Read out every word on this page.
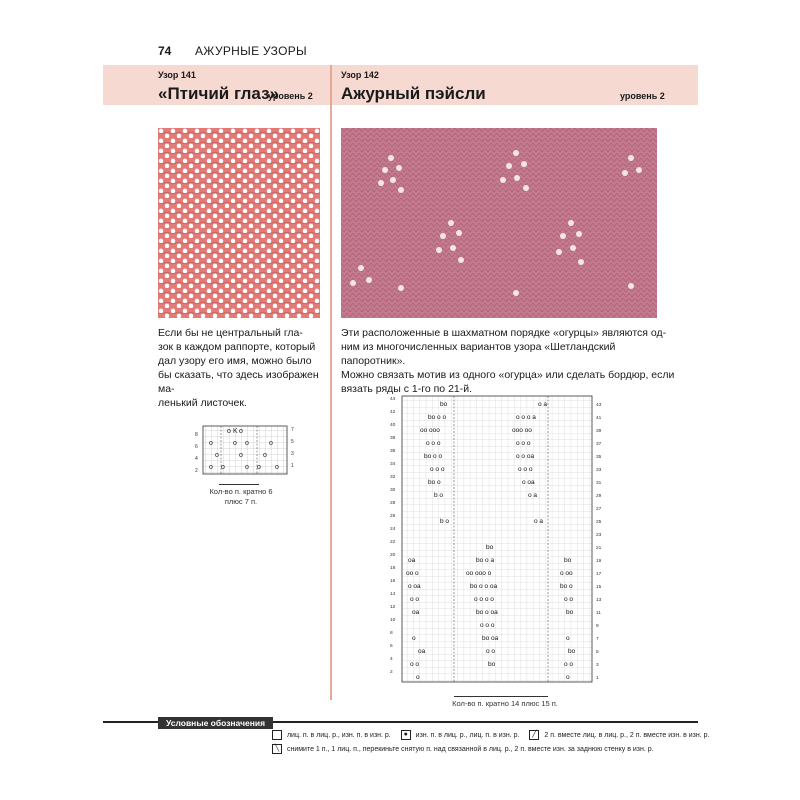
74 АЖУРНЫЕ УЗОРЫ
Узор 141
«Птичий глаз»
уровень 2
Узор 142
Ажурный пэйсли	уровень 2
Если бы не центральный гла-
зок в каждом раппорте, который
дал узору его имя, можно было
бы сказать, что здесь изображен ма-
ленький листочек.
Эти расположенные в шахматном порядке «огурцы» являются од-
ним из многочисленных вариантов узора «Шетландский папоротник».
Можно связать мотив из одного «огурца» или сделать бордюр, если
вязать ряды с 1-го по 21-й.
o K o
o	o o	o
o	o	o
o o	o o o
8
6
4
2
7
5
3
1
Кол-во п. кратно 6
плюс 7 п.
bo
bo o o
oo ooo
o o o
bo o o
o o o
bo o
b o
b o
o a
o o o a
ooo oo
o o o
o o oa
o o o
o oa
o a
o a
bo
bo o a
oo ooo o
bo o o oa
o o o o
bo o oa
o o o
bo oa
o o
bo
oa
oo o
o oa
o o
oa
o
oa
o o
o
bo
o oo
bo o
o o
bo
o
bo
o o
o
44
42
40
38
36
34
32
30
28
26
24
22
20
18
16
14
12
10
8
6
4
2
43
41
39
37
35
33
31
29
27
25
23
21
19
17
15
13
11
9
7
5
3
1
Кол-во п. кратно 14 плюс 15 п.
Условные обозначения
лиц. п. в лиц. р., изн. п. в изн. р. ● изн. п. в лиц. р., лиц. п. в изн. р. ╱ 2 п. вместе лиц. в лиц. р., 2 п. вместе изн. в изн. р.
╲ снимите 1 п., 1 лиц. п., перекиньте снятую п. над связанной в лиц. р., 2 п. вместе изн. за заднюю стенку в изн. р.
